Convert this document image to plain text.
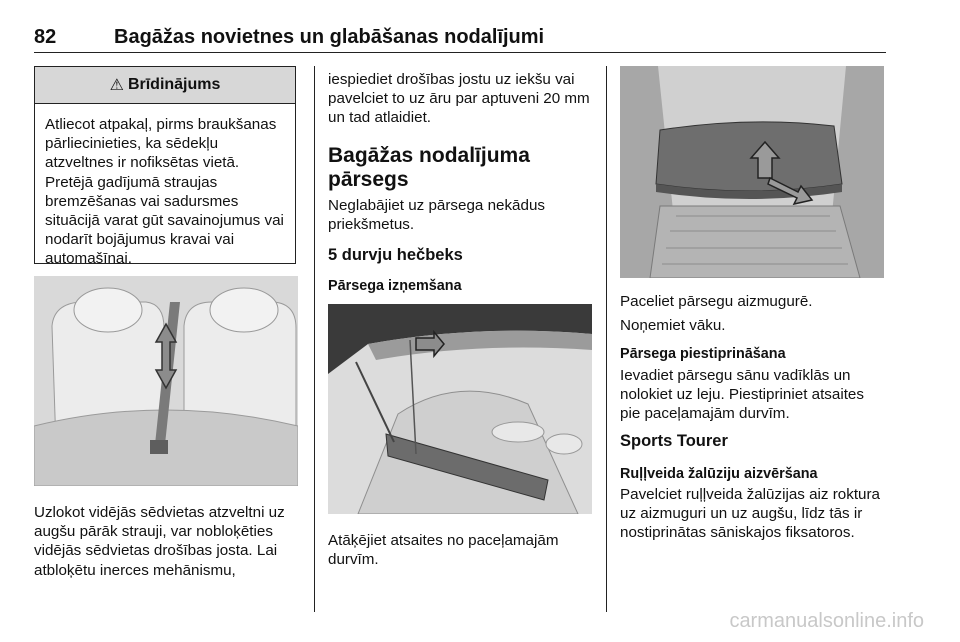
82	Bagāžas novietnes un glabāšanas nodalījumi
⚠ Brīdinājums
Atliecot atpakaļ, pirms braukšanas pārliecinieties, ka sēdekļu atzveltnes ir nofiksētas vietā. Pretējā gadījumā straujas bremzēšanas vai sadursmes situācijā varat gūt savainojumus vai nodarīt bojājumus kravai vai automašīnai.
Uzlokot vidējās sēdvietas atzveltni uz augšu pārāk strauji, var nobloķēties vidējās sēdvietas drošības josta. Lai atbloķētu inerces mehānismu,
iespiediet drošības jostu uz iekšu vai pavelciet to uz āru par aptuveni 20 mm un tad atlaidiet.
Bagāžas nodalījuma pārsegs
Neglabājiet uz pārsega nekādus priekšmetus.
5 durvju hečbeks
Pārsega izņemšana
Atāķējiet atsaites no paceļamajām durvīm.
Paceliet pārsegu aizmugurē.
Noņemiet vāku.
Pārsega piestiprināšana
Ievadiet pārsegu sānu vadīklās un nolokiet uz leju. Piestipriniet atsaites pie paceļamajām durvīm.
Sports Tourer
Ruļļveida žalūziju aizvēršana
Pavelciet ruļļveida žalūzijas aiz roktura uz aizmuguri un uz augšu, līdz tās ir nostiprinātas sāniskajos fiksatoros.
carmanualsonline.info
